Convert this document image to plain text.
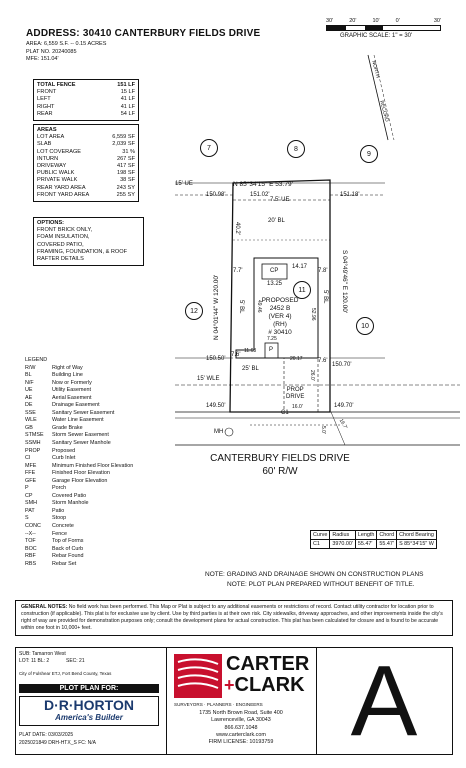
ADDRESS: 30410 CANTERBURY FIELDS DRIVE
AREA: 6,559 S.F. -- 0.15 ACRES
PLAT NO. 20240085
MFE: 151.04'
30'	20'	10'	0'	30'
GRAPHIC SCALE: 1" = 30'
TOTAL FENCE	151 LF
FRONT	15 LF
LEFT	41 LF
RIGHT	41 LF
REAR	54 LF
AREAS
LOT AREA	6,559 SF
SLAB	2,039 SF
LOT COVERAGE	31 %
INTURN	267 SF
DRIVEWAY	417 SF
PUBLIC WALK	198 SF
PRIVATE WALK	38 SF
REAR YARD AREA	243 SY
FRONT YARD AREA	255 SY
OPTIONS:
FRONT BRICK ONLY,
FOAM INSULATION,
COVERED PATIO,
FRAMING, FOUNDATION, & ROOF
RAFTER DETAILS
LEGEND
R/W	Right of Way
BL	Building Line
N/F	Now or Formerly
UE	Utility Easement
AE	Aerial Easement
DE	Drainage Easement
SSE	Sanitary Sewer Easement
WLE	Water Line Easement
GB	Grade Brake
STMSE	Storm Sewer Easement
SSMH	Sanitary Sewer Manhole
PROP	Proposed
CI	Curb Inlet
MFE	Minimum Finished Floor Elevation
FFE	Finished Floor Elevation
GFE	Garage Floor Elevation
P	Porch
CP	Covered Patio
SMH	Storm Manhole
PAT	Patio
S	Stoop
CONC	Concrete
--X--	Fence
TOF	Top of Forms
BOC	Back of Curb
RBF	Rebar Found
RBS	Rebar Set
NORTH
RECORD
7	8
9
11
12
10
15' UE	N 85°34'15" E 53.79'
150.98'	151.02'
7.5' UE
151.18'
20' BL
N 04°01'44" W 120.00'	S 04°49'46" E 120.00'
40.2'
7.7'	7.8'
14.17
CP
13.25
PROPOSED
2452 B
(VER 4)
(RH)
# 30410
5' BL
5' BL
49.46
52.96
7.25
11.63 P
7.6'
7.6'
150.50'
150.70'
25' BL
20.17
15' WLE
16.0'
26.0'
PROP
DRIVE
149.50'	149.70'
C1
MH	5.0' 16.7'
CANTERBURY FIELDS DRIVE
60' R/W
Curve	Radius	Length	Chord	Chord Bearing
C1	3970.00'	55.47'	55.47'	S 85°34'15" W
NOTE: GRADING AND DRAINAGE SHOWN ON CONSTRUCTION PLANS
NOTE: PLOT PLAN PREPARED WITHOUT BENEFIT OF TITLE.
GENERAL NOTES: No field work has been performed. This Map or Plat is subject to any additional easements or restrictions of record. Contact utility contractor for location prior to construction (if applicable). This plat is for exclusive use by client. Use by third parties is at their own risk. City sidewalks, driveway approaches, and other improvements inside the city's right of way are provided for demonstration purposes only; consult the development plans for actual construction. This plat has been calculated for closure and is found to be accurate within one foot in 10,000+ feet.
SUB: Tamarron West
LOT: 11 BL: 2	SEC: 21
City of Fulshear ETJ, Fort Bend County, Texas
PLOT PLAN FOR:
D·R·HORTON
America's Builder
PLAT DATE: 03/03/2025
2025021849 DRH-HTX_S FC: N/A
CARTER
+CLARK
SURVEYORS · PLANNERS · ENGINEERS
1735 North Brown Road, Suite 400
Lawrenceville, GA 30043
866.637.1048
www.carterclark.com
FIRM LICENSE: 10193759 A
